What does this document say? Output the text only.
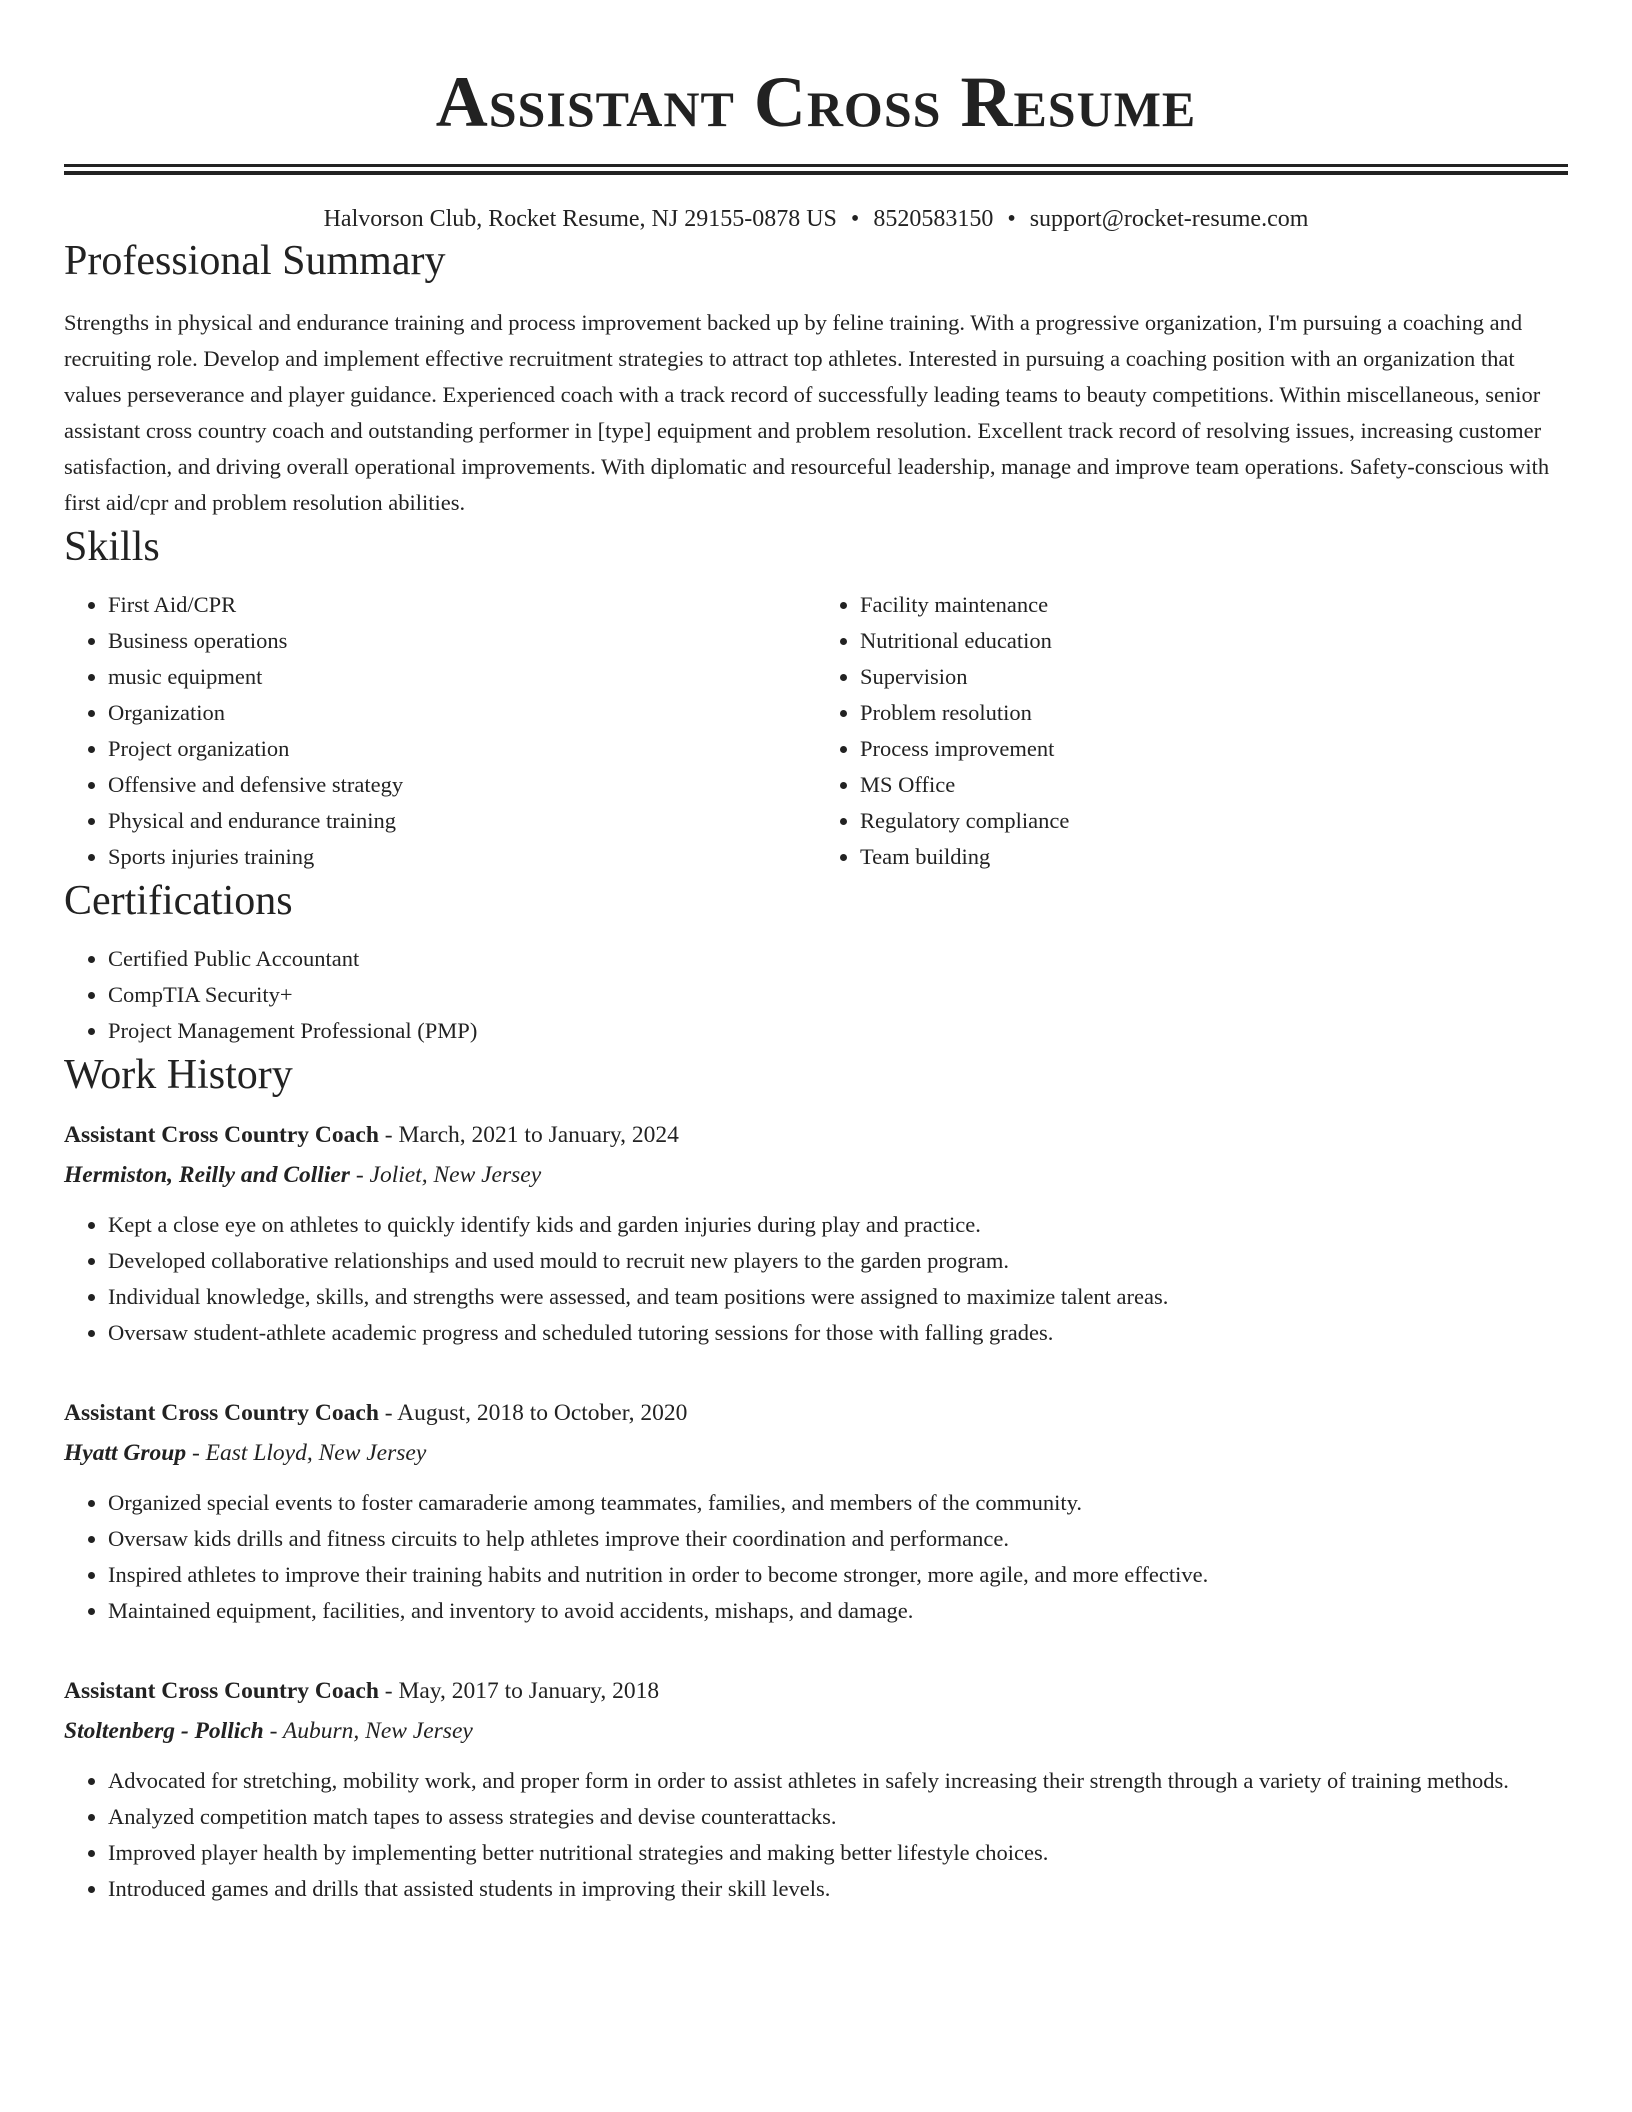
Assistant Cross Resume
Halvorson Club, Rocket Resume, NJ 29155-0878 US • 8520583150 • support@rocket-resume.com
Professional Summary

Strengths in physical and endurance training and process improvement backed up by feline training. With a progressive organization, I'm pursuing a coaching and recruiting role. Develop and implement effective recruitment strategies to attract top athletes. Interested in pursuing a coaching position with an organization that values perseverance and player guidance. Experienced coach with a track record of successfully leading teams to beauty competitions. Within miscellaneous, senior assistant cross country coach and outstanding performer in [type] equipment and problem resolution. Excellent track record of resolving issues, increasing customer satisfaction, and driving overall operational improvements. With diplomatic and resourceful leadership, manage and improve team operations. Safety-conscious with first aid/cpr and problem resolution abilities.

Skills
• First Aid/CPR
• Business operations
• music equipment
• Organization
• Project organization
• Offensive and defensive strategy
• Physical and endurance training
• Sports injuries training
• Facility maintenance
• Nutritional education
• Supervision
• Problem resolution
• Process improvement
• MS Office
• Regulatory compliance
• Team building
Certifications
• Certified Public Accountant
• CompTIA Security+
• Project Management Professional (PMP)
Work History
Assistant Cross Country Coach - March, 2021 to January, 2024
Hermiston, Reilly and Collier - Joliet, New Jersey
• Kept a close eye on athletes to quickly identify kids and garden injuries during play and practice.
• Developed collaborative relationships and used mould to recruit new players to the garden program.
• Individual knowledge, skills, and strengths were assessed, and team positions were assigned to maximize talent areas.
• Oversaw student-athlete academic progress and scheduled tutoring sessions for those with falling grades.
Assistant Cross Country Coach - August, 2018 to October, 2020
Hyatt Group - East Lloyd, New Jersey
• Organized special events to foster camaraderie among teammates, families, and members of the community.
• Oversaw kids drills and fitness circuits to help athletes improve their coordination and performance.
• Inspired athletes to improve their training habits and nutrition in order to become stronger, more agile, and more effective.
• Maintained equipment, facilities, and inventory to avoid accidents, mishaps, and damage.
Assistant Cross Country Coach - May, 2017 to January, 2018
Stoltenberg - Pollich - Auburn, New Jersey
• Advocated for stretching, mobility work, and proper form in order to assist athletes in safely increasing their strength through a variety of training methods.
• Analyzed competition match tapes to assess strategies and devise counterattacks.
• Improved player health by implementing better nutritional strategies and making better lifestyle choices.
• Introduced games and drills that assisted students in improving their skill levels.
